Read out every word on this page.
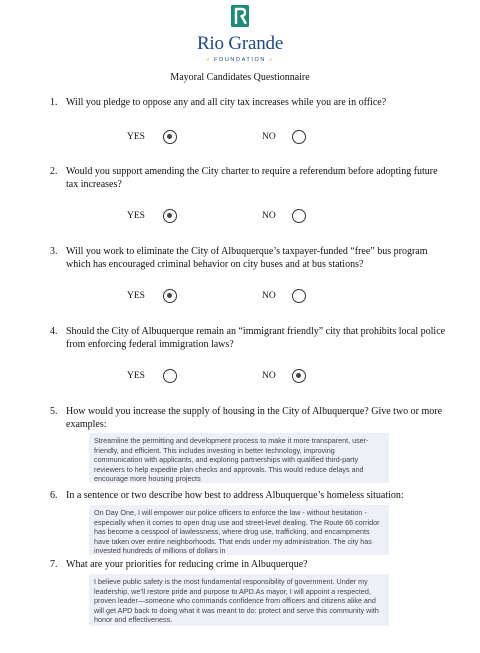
Rio Grande
« FOUNDATION »
Mayoral Candidates Questionnaire
1. Will you pledge to oppose any and all city tax increases while you are in office?
YES	NO
2. Would you support amending the City charter to require a referendum before adopting future tax increases?
YES	NO
3. Will you work to eliminate the City of Albuquerque’s taxpayer-funded “free” bus program which has encouraged criminal behavior on city buses and at bus stations?
YES	NO
4. Should the City of Albuquerque remain an “immigrant friendly” city that prohibits local police from enforcing federal immigration laws?
YES	NO
5. How would you increase the supply of housing in the City of Albuquerque? Give two or more examples:
Streamline the permitting and development process to make it more transparent, user-friendly, and efficient. This includes investing in better technology, improving communication with applicants, and exploring partnerships with qualified third-party reviewers to help expedite plan checks and approvals. This would reduce delays and encourage more housing projects
6. In a sentence or two describe how best to address Albuquerque’s homeless situation:
On Day One, I will empower our police officers to enforce the law - without hesitation - especially when it comes to open drug use and street-level dealing. The Route 66 corridor has become a cesspool of lawlessness, where drug use, trafficking, and encampments have taken over entire neighborhoods. That ends under my administration. The city has invested hundreds of millions of dollars in
7. What are your priorities for reducing crime in Albuquerque?
I believe public safety is the most fundamental responsibility of government. Under my leadership, we’ll restore pride and purpose to APD.As mayor, I will appoint a respected, proven leader—someone who commands confidence from officers and citizens alike and will get APD back to doing what it was meant to do: protect and serve this community with honor and effectiveness.
